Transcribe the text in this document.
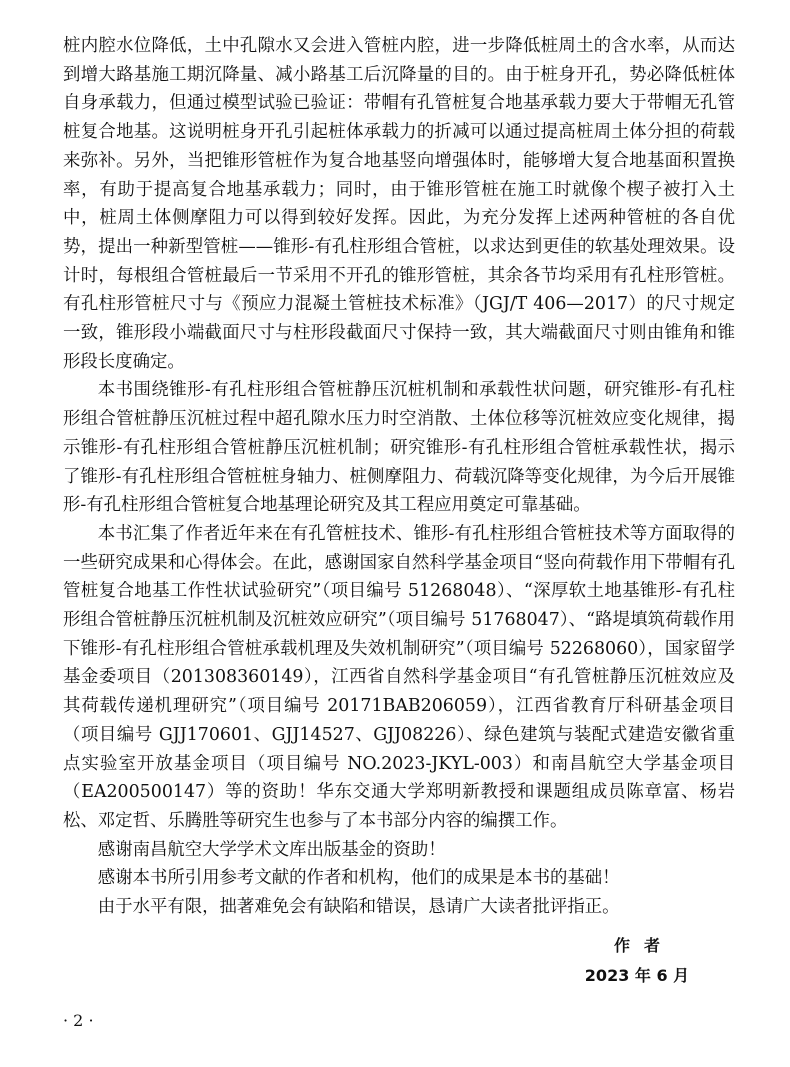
桩内腔水位降低，土中孔隙水又会进入管桩内腔，进一步降低桩周土的含水率，从而达到增大路基施工期沉降量、减小路基工后沉降量的目的。由于桩身开孔，势必降低桩体自身承载力，但通过模型试验已验证：带帽有孔管桩复合地基承载力要大于带帽无孔管桩复合地基。这说明桩身开孔引起桩体承载力的折减可以通过提高桩周土体分担的荷载来弥补。另外，当把锥形管桩作为复合地基竖向增强体时，能够增大复合地基面积置换率，有助于提高复合地基承载力；同时，由于锥形管桩在施工时就像个楔子被打入土中，桩周土体侧摩阻力可以得到较好发挥。因此，为充分发挥上述两种管桩的各自优势，提出一种新型管桩——锥形-有孔柱形组合管桩，以求达到更佳的软基处理效果。设计时，每根组合管桩最后一节采用不开孔的锥形管桩，其余各节均采用有孔柱形管桩。有孔柱形管桩尺寸与《预应力混凝土管桩技术标准》（JGJ/T 406—2017）的尺寸规定一致，锥形段小端截面尺寸与柱形段截面尺寸保持一致，其大端截面尺寸则由锥角和锥形段长度确定。

本书围绕锥形-有孔柱形组合管桩静压沉桩机制和承载性状问题，研究锥形-有孔柱形组合管桩静压沉桩过程中超孔隙水压力时空消散、土体位移等沉桩效应变化规律，揭示锥形-有孔柱形组合管桩静压沉桩机制；研究锥形-有孔柱形组合管桩承载性状，揭示了锥形-有孔柱形组合管桩桩身轴力、桩侧摩阻力、荷载沉降等变化规律，为今后开展锥形-有孔柱形组合管桩复合地基理论研究及其工程应用奠定可靠基础。

本书汇集了作者近年来在有孔管桩技术、锥形-有孔柱形组合管桩技术等方面取得的一些研究成果和心得体会。在此，感谢国家自然科学基金项目“竖向荷载作用下带帽有孔管桩复合地基工作性状试验研究”（项目编号 51268048）、“深厚软土地基锥形-有孔柱形组合管桩静压沉桩机制及沉桩效应研究”（项目编号 51768047）、“路堤填筑荷载作用下锥形-有孔柱形组合管桩承载机理及失效机制研究”（项目编号 52268060），国家留学基金委项目（201308360149），江西省自然科学基金项目“有孔管桩静压沉桩效应及其荷载传递机理研究”（项目编号 20171BAB206059），江西省教育厅科研基金项目（项目编号 GJJ170601、GJJ14527、GJJ08226）、绿色建筑与装配式建造安徽省重点实验室开放基金项目（项目编号 NO.2023-JKYL-003）和南昌航空大学基金项目（EA200500147）等的资助！华东交通大学郑明新教授和课题组成员陈章富、杨岩松、邓定哲、乐腾胜等研究生也参与了本书部分内容的编撰工作。

感谢南昌航空大学学术文库出版基金的资助！

感谢本书所引用参考文献的作者和机构，他们的成果是本书的基础！

由于水平有限，拙著难免会有缺陷和错误，恳请广大读者批评指正。

作者
2023 年 6 月
· 2 ·
